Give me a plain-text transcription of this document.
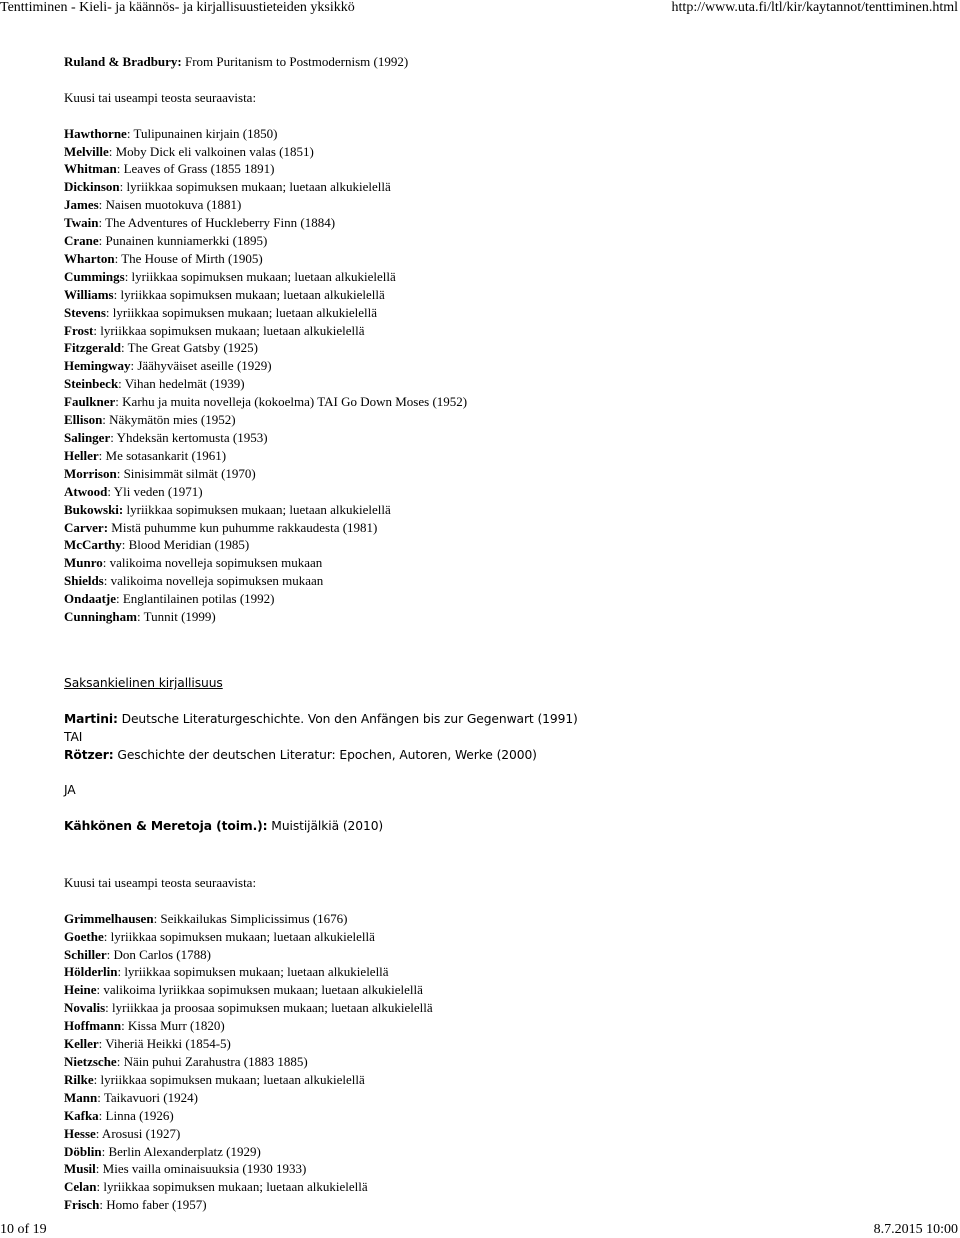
Tenttiminen - Kieli- ja käännös- ja kirjallisuustieteiden yksikkö	http://www.uta.fi/ltl/kir/kaytannot/tenttiminen.html
Ruland & Bradbury: From Puritanism to Postmodernism (1992)
Kuusi tai useampi teosta seuraavista:
Hawthorne: Tulipunainen kirjain (1850)
Melville: Moby Dick eli valkoinen valas (1851)
Whitman: Leaves of Grass (1855 1891)
Dickinson: lyriikkaa sopimuksen mukaan; luetaan alkukielellä
James: Naisen muotokuva (1881)
Twain: The Adventures of Huckleberry Finn (1884)
Crane: Punainen kunniamerkki (1895)
Wharton: The House of Mirth (1905)
Cummings: lyriikkaa sopimuksen mukaan; luetaan alkukielellä
Williams: lyriikkaa sopimuksen mukaan; luetaan alkukielellä
Stevens: lyriikkaa sopimuksen mukaan; luetaan alkukielellä
Frost: lyriikkaa sopimuksen mukaan; luetaan alkukielellä
Fitzgerald: The Great Gatsby (1925)
Hemingway: Jäähyväiset aseille (1929)
Steinbeck: Vihan hedelmät (1939)
Faulkner: Karhu ja muita novelleja (kokoelma) TAI Go Down Moses (1952)
Ellison: Näkymätön mies (1952)
Salinger: Yhdeksän kertomusta (1953)
Heller: Me sotasankarit (1961)
Morrison: Sinisimmät silmät (1970)
Atwood: Yli veden (1971)
Bukowski: lyriikkaa sopimuksen mukaan; luetaan alkukielellä
Carver: Mistä puhumme kun puhumme rakkaudesta (1981)
McCarthy: Blood Meridian (1985)
Munro: valikoima novelleja sopimuksen mukaan
Shields: valikoima novelleja sopimuksen mukaan
Ondaatje: Englantilainen potilas (1992)
Cunningham: Tunnit (1999)
Saksankielinen kirjallisuus
Martini: Deutsche Literaturgeschichte. Von den Anfängen bis zur Gegenwart (1991)
TAI
Rötzer: Geschichte der deutschen Literatur: Epochen, Autoren, Werke (2000)
JA
Kähkönen & Meretoja (toim.): Muistijälkiä (2010)
Kuusi tai useampi teosta seuraavista:
Grimmelhausen: Seikkailukas Simplicissimus (1676)
Goethe: lyriikkaa sopimuksen mukaan; luetaan alkukielellä
Schiller: Don Carlos (1788)
Hölderlin: lyriikkaa sopimuksen mukaan; luetaan alkukielellä
Heine: valikoima lyriikkaa sopimuksen mukaan; luetaan alkukielellä
Novalis: lyriikkaa ja proosaa sopimuksen mukaan; luetaan alkukielellä
Hoffmann: Kissa Murr (1820)
Keller: Viheriä Heikki (1854-5)
Nietzsche: Näin puhui Zarahustra (1883 1885)
Rilke: lyriikkaa sopimuksen mukaan; luetaan alkukielellä
Mann: Taikavuori (1924)
Kafka: Linna (1926)
Hesse: Arosusi (1927)
Döblin: Berlin Alexanderplatz (1929)
Musil: Mies vailla ominaisuuksia (1930 1933)
Celan: lyriikkaa sopimuksen mukaan; luetaan alkukielellä
Frisch: Homo faber (1957)
10 of 19	8.7.2015 10:00
